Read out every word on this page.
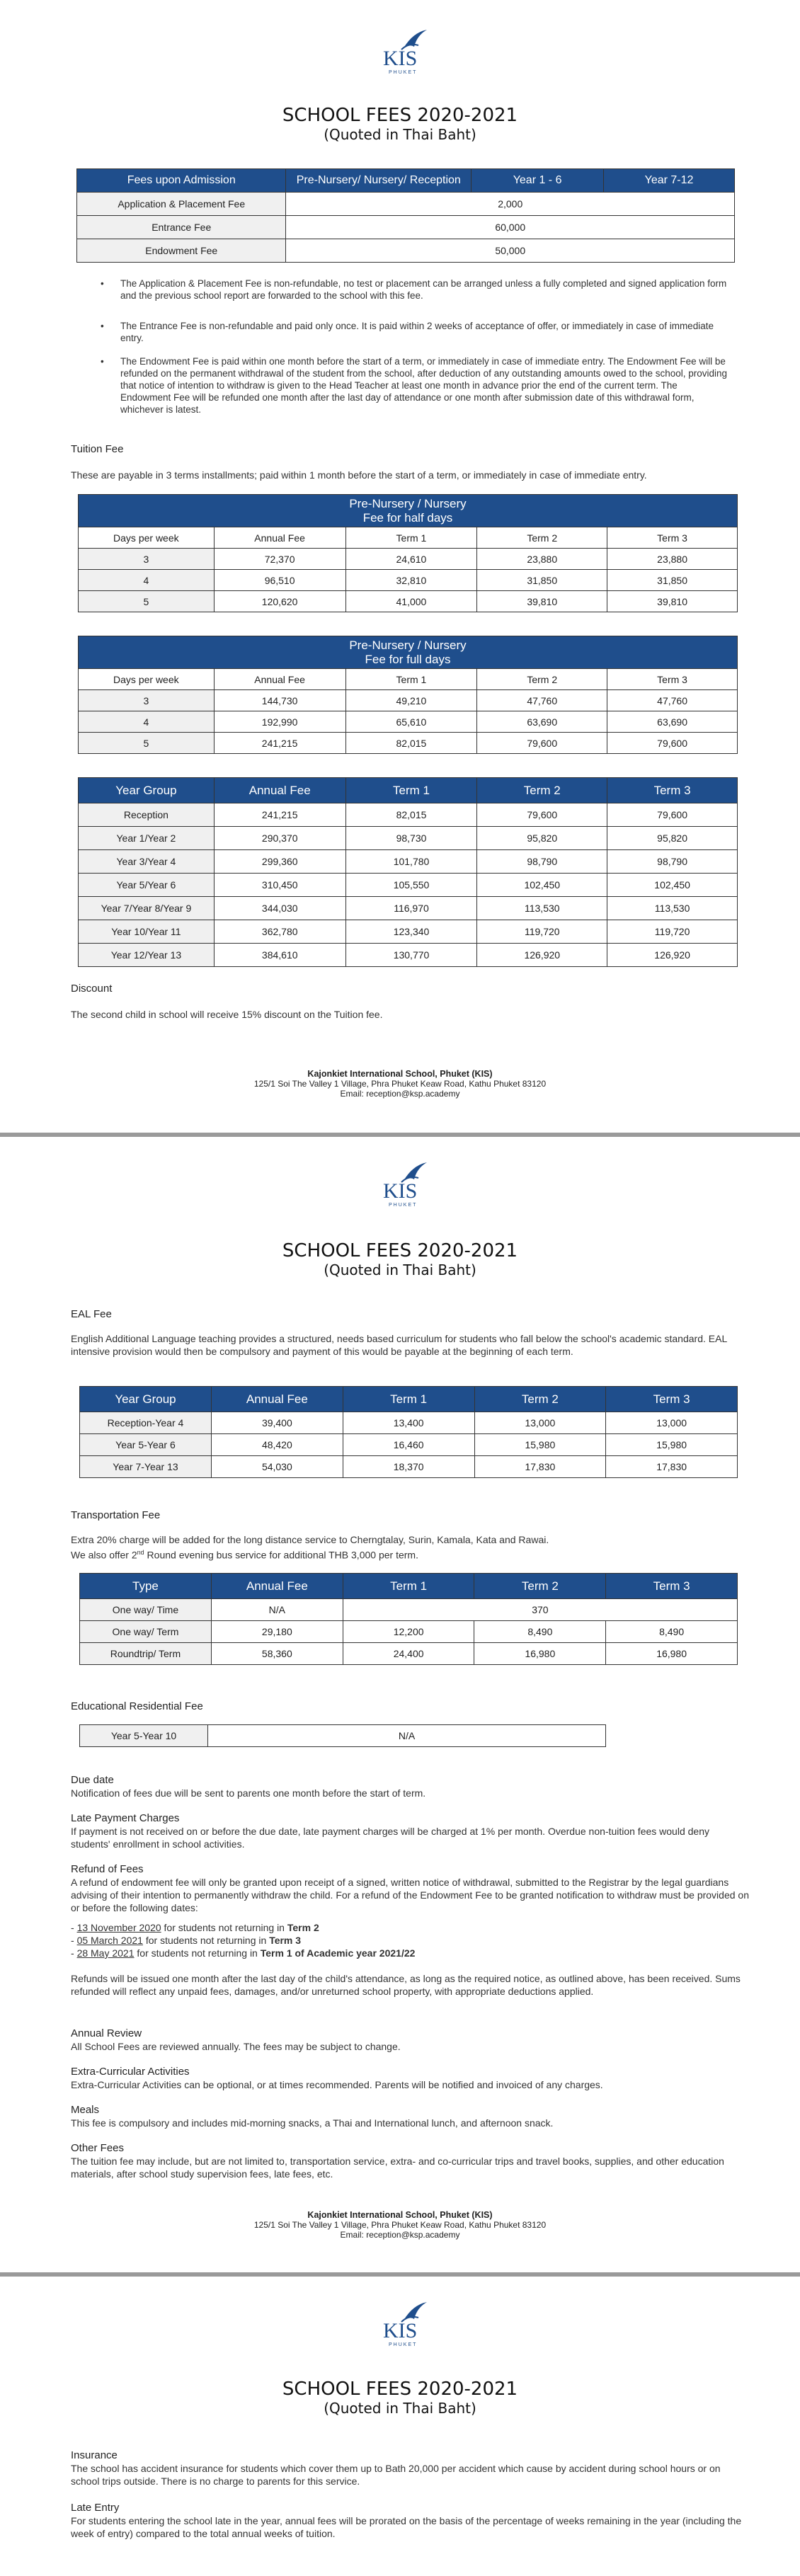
KIS
PHUKET
SCHOOL FEES 2020-2021
(Quoted in Thai Baht)
Fees upon Admission	Pre-Nursery/ Nursery/ Reception	Year 1 - 6	Year 7-12
Application & Placement Fee	2,000		
Entrance Fee	60,000		
Endowment Fee	50,000		
• The Application & Placement Fee is non-refundable, no test or placement can be arranged unless a fully completed and signed application form and the previous school report are forwarded to the school with this fee.
• The Entrance Fee is non-refundable and paid only once. It is paid within 2 weeks of acceptance of offer, or immediately in case of immediate entry.
• The Endowment Fee is paid within one month before the start of a term, or immediately in case of immediate entry. The Endowment Fee will be refunded on the permanent withdrawal of the student from the school, after deduction of any outstanding amounts owed to the school, providing that notice of intention to withdraw is given to the Head Teacher at least one month in advance prior the end of the current term. The Endowment Fee will be refunded one month after the last day of attendance or one month after submission date of this withdrawal form, whichever is latest.
Tuition Fee
These are payable in 3 terms installments; paid within 1 month before the start of a term, or immediately in case of immediate entry.
Pre-Nursery / Nursery
Fee for half days				
Days per week	Annual Fee	Term 1	Term 2	Term 3
3	72,370	24,610	23,880	23,880
4	96,510	32,810	31,850	31,850
5	120,620	41,000	39,810	39,810
Pre-Nursery / Nursery
Fee for full days				
Days per week	Annual Fee	Term 1	Term 2	Term 3
3	144,730	49,210	47,760	47,760
4	192,990	65,610	63,690	63,690
5	241,215	82,015	79,600	79,600
Year Group	Annual Fee	Term 1	Term 2	Term 3
Reception	241,215	82,015	79,600	79,600
Year 1/Year 2	290,370	98,730	95,820	95,820
Year 3/Year 4	299,360	101,780	98,790	98,790
Year 5/Year 6	310,450	105,550	102,450	102,450
Year 7/Year 8/Year 9	344,030	116,970	113,530	113,530
Year 10/Year 11	362,780	123,340	119,720	119,720
Year 12/Year 13	384,610	130,770	126,920	126,920
Discount
The second child in school will receive 15% discount on the Tuition fee.
Kajonkiet International School, Phuket (KIS)
125/1 Soi The Valley 1 Village, Phra Phuket Keaw Road, Kathu Phuket 83120
Email: reception@ksp.academy
KIS
PHUKET
SCHOOL FEES 2020-2021
(Quoted in Thai Baht)
EAL Fee
English Additional Language teaching provides a structured, needs based curriculum for students who fall below the school's academic standard. EAL intensive provision would then be compulsory and payment of this would be payable at the beginning of each term.
Year Group	Annual Fee	Term 1	Term 2	Term 3
Reception-Year 4	39,400	13,400	13,000	13,000
Year 5-Year 6	48,420	16,460	15,980	15,980
Year 7-Year 13	54,030	18,370	17,830	17,830
Transportation Fee
Extra 20% charge will be added for the long distance service to Cherngtalay, Surin, Kamala, Kata and Rawai.
We also offer 2nd Round evening bus service for additional THB 3,000 per term.
Type	Annual Fee	Term 1	Term 2	Term 3
One way/ Time	N/A	370		
One way/ Term	29,180	12,200	8,490	8,490
Roundtrip/ Term	58,360	24,400	16,980	16,980
Educational Residential Fee
Year 5-Year 10	N/A
Due date
Notification of fees due will be sent to parents one month before the start of term.
Late Payment Charges
If payment is not received on or before the due date, late payment charges will be charged at 1% per month. Overdue non-tuition fees would deny students' enrollment in school activities.
Refund of Fees
A refund of endowment fee will only be granted upon receipt of a signed, written notice of withdrawal, submitted to the Registrar by the legal guardians advising of their intention to permanently withdraw the child. For a refund of the Endowment Fee to be granted notification to withdraw must be provided on or before the following dates:
- 13 November 2020 for students not returning in Term 2
- 05 March 2021 for students not returning in Term 3
- 28 May 2021 for students not returning in Term 1 of Academic year 2021/22
Refunds will be issued one month after the last day of the child's attendance, as long as the required notice, as outlined above, has been received. Sums refunded will reflect any unpaid fees, damages, and/or unreturned school property, with appropriate deductions applied.
Annual Review
All School Fees are reviewed annually. The fees may be subject to change.
Extra-Curricular Activities
Extra-Curricular Activities can be optional, or at times recommended. Parents will be notified and invoiced of any charges.
Meals
This fee is compulsory and includes mid-morning snacks, a Thai and International lunch, and afternoon snack.
Other Fees
The tuition fee may include, but are not limited to, transportation service, extra- and co-curricular trips and travel books, supplies, and other education materials, after school study supervision fees, late fees, etc.
Kajonkiet International School, Phuket (KIS)
125/1 Soi The Valley 1 Village, Phra Phuket Keaw Road, Kathu Phuket 83120
Email: reception@ksp.academy
KIS
PHUKET
SCHOOL FEES 2020-2021
(Quoted in Thai Baht)
Insurance
The school has accident insurance for students which cover them up to Bath 20,000 per accident which cause by accident during school hours or on school trips outside. There is no charge to parents for this service.
Late Entry
For students entering the school late in the year, annual fees will be prorated on the basis of the percentage of weeks remaining in the year (including the week of entry) compared to the total annual weeks of tuition.
